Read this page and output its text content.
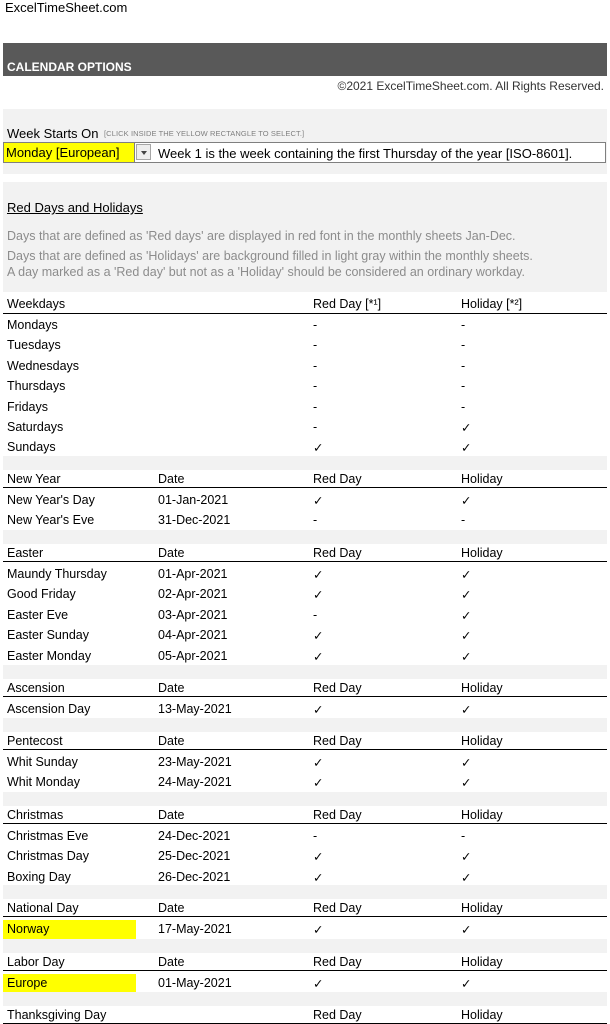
ExcelTimeSheet.com
CALENDAR OPTIONS
©2021 ExcelTimeSheet.com. All Rights Reserved.
Week Starts On [CLICK INSIDE THE YELLOW RECTANGLE TO SELECT.]
Monday [European]	Week 1 is the week containing the first Thursday of the year [ISO-8601].
Red Days and Holidays
Days that are defined as 'Red days' are displayed in red font in the monthly sheets Jan-Dec.
Days that are defined as 'Holidays' are background filled in light gray within the monthly sheets.
A day marked as a 'Red day' but not as a 'Holiday' should be considered an ordinary workday.
Weekdays	Red Day [*¹]	Holiday [*²]
Mondays	-	-
Tuesdays	-	-
Wednesdays	-	-
Thursdays	-	-
Fridays	-	-
Saturdays	-	✓
Sundays	✓	✓
New Year	Date	Red Day	Holiday
New Year's Day	01-Jan-2021	✓	✓
New Year's Eve	31-Dec-2021	-	-
Easter	Date	Red Day	Holiday
Maundy Thursday	01-Apr-2021	✓	✓
Good Friday	02-Apr-2021	✓	✓
Easter Eve	03-Apr-2021	-	✓
Easter Sunday	04-Apr-2021	✓	✓
Easter Monday	05-Apr-2021	✓	✓
Ascension	Date	Red Day	Holiday
Ascension Day	13-May-2021	✓	✓
Pentecost	Date	Red Day	Holiday
Whit Sunday	23-May-2021	✓	✓
Whit Monday	24-May-2021	✓	✓
Christmas	Date	Red Day	Holiday
Christmas Eve	24-Dec-2021	-	-
Christmas Day	25-Dec-2021	✓	✓
Boxing Day	26-Dec-2021	✓	✓
National Day	Date	Red Day	Holiday
Norway	17-May-2021	✓	✓
Labor Day	Date	Red Day	Holiday
Europe	01-May-2021	✓	✓
Thanksgiving Day	Red Day	Holiday
